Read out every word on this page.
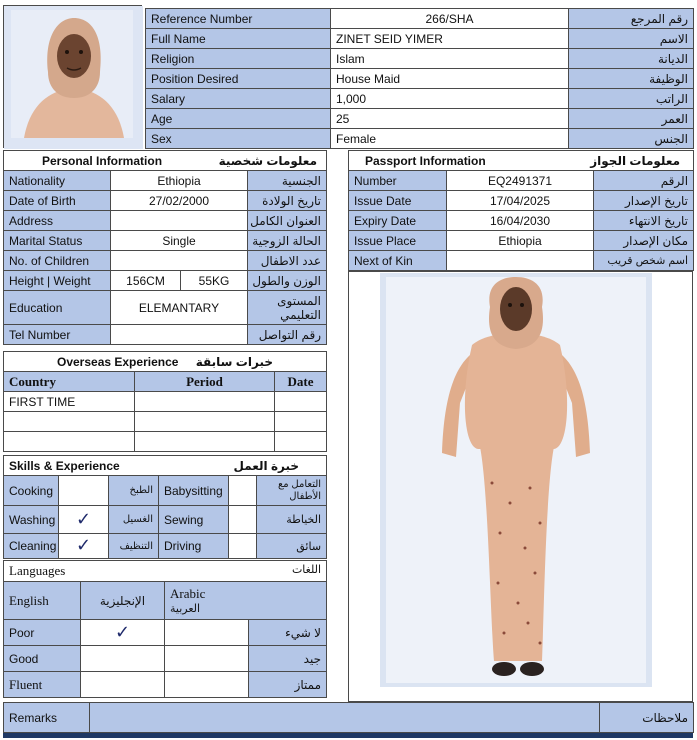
Reference Number	266/SHA	رقم المرجع
Full Name	ZINET SEID YIMER	الاسم
Religion	Islam	الديانة
Position Desired	House Maid	الوظيفة
Salary	1,000	الراتب
Age	25	العمر
Sex	Female	الجنس
Personal Information معلومات شخصية			

Nationality	Ethiopia		الجنسية
Date of Birth	27/02/2000		تاريخ الولادة
Address			العنوان الكامل
Marital Status	Single		الحالة الزوجية
No. of Children			عدد الاطفال
Height | Weight	156CM	55KG	الوزن والطول
Education	ELEMANTARY		المستوى التعليمي
Tel Number			رقم التواصل
Overseas Experience خبرات سابقة		

Country	Period	Date
FIRST TIME		

Skills & Experience خبرة العمل					

Cooking		الطبخ	Babysitting		التعامل مع الأطفال
Washing	✓	الغسيل	Sewing		الخياطة
Cleaning	✓	التنظيف	Driving		سائق
Languages اللغات			

English	الإنجليزية	Arabic
العربية	

Poor	✓		لا شيء
Good			جيد
Fluent			ممتاز
Passport Information معلومات الجواز		

Number	EQ2491371	الرقم
Issue Date	17/04/2025	تاريخ الإصدار
Expiry Date	16/04/2030	تاريخ الانتهاء
Issue Place	Ethiopia	مكان الإصدار
Next of Kin		اسم شخص قريب
Remarks		ملاحظات
